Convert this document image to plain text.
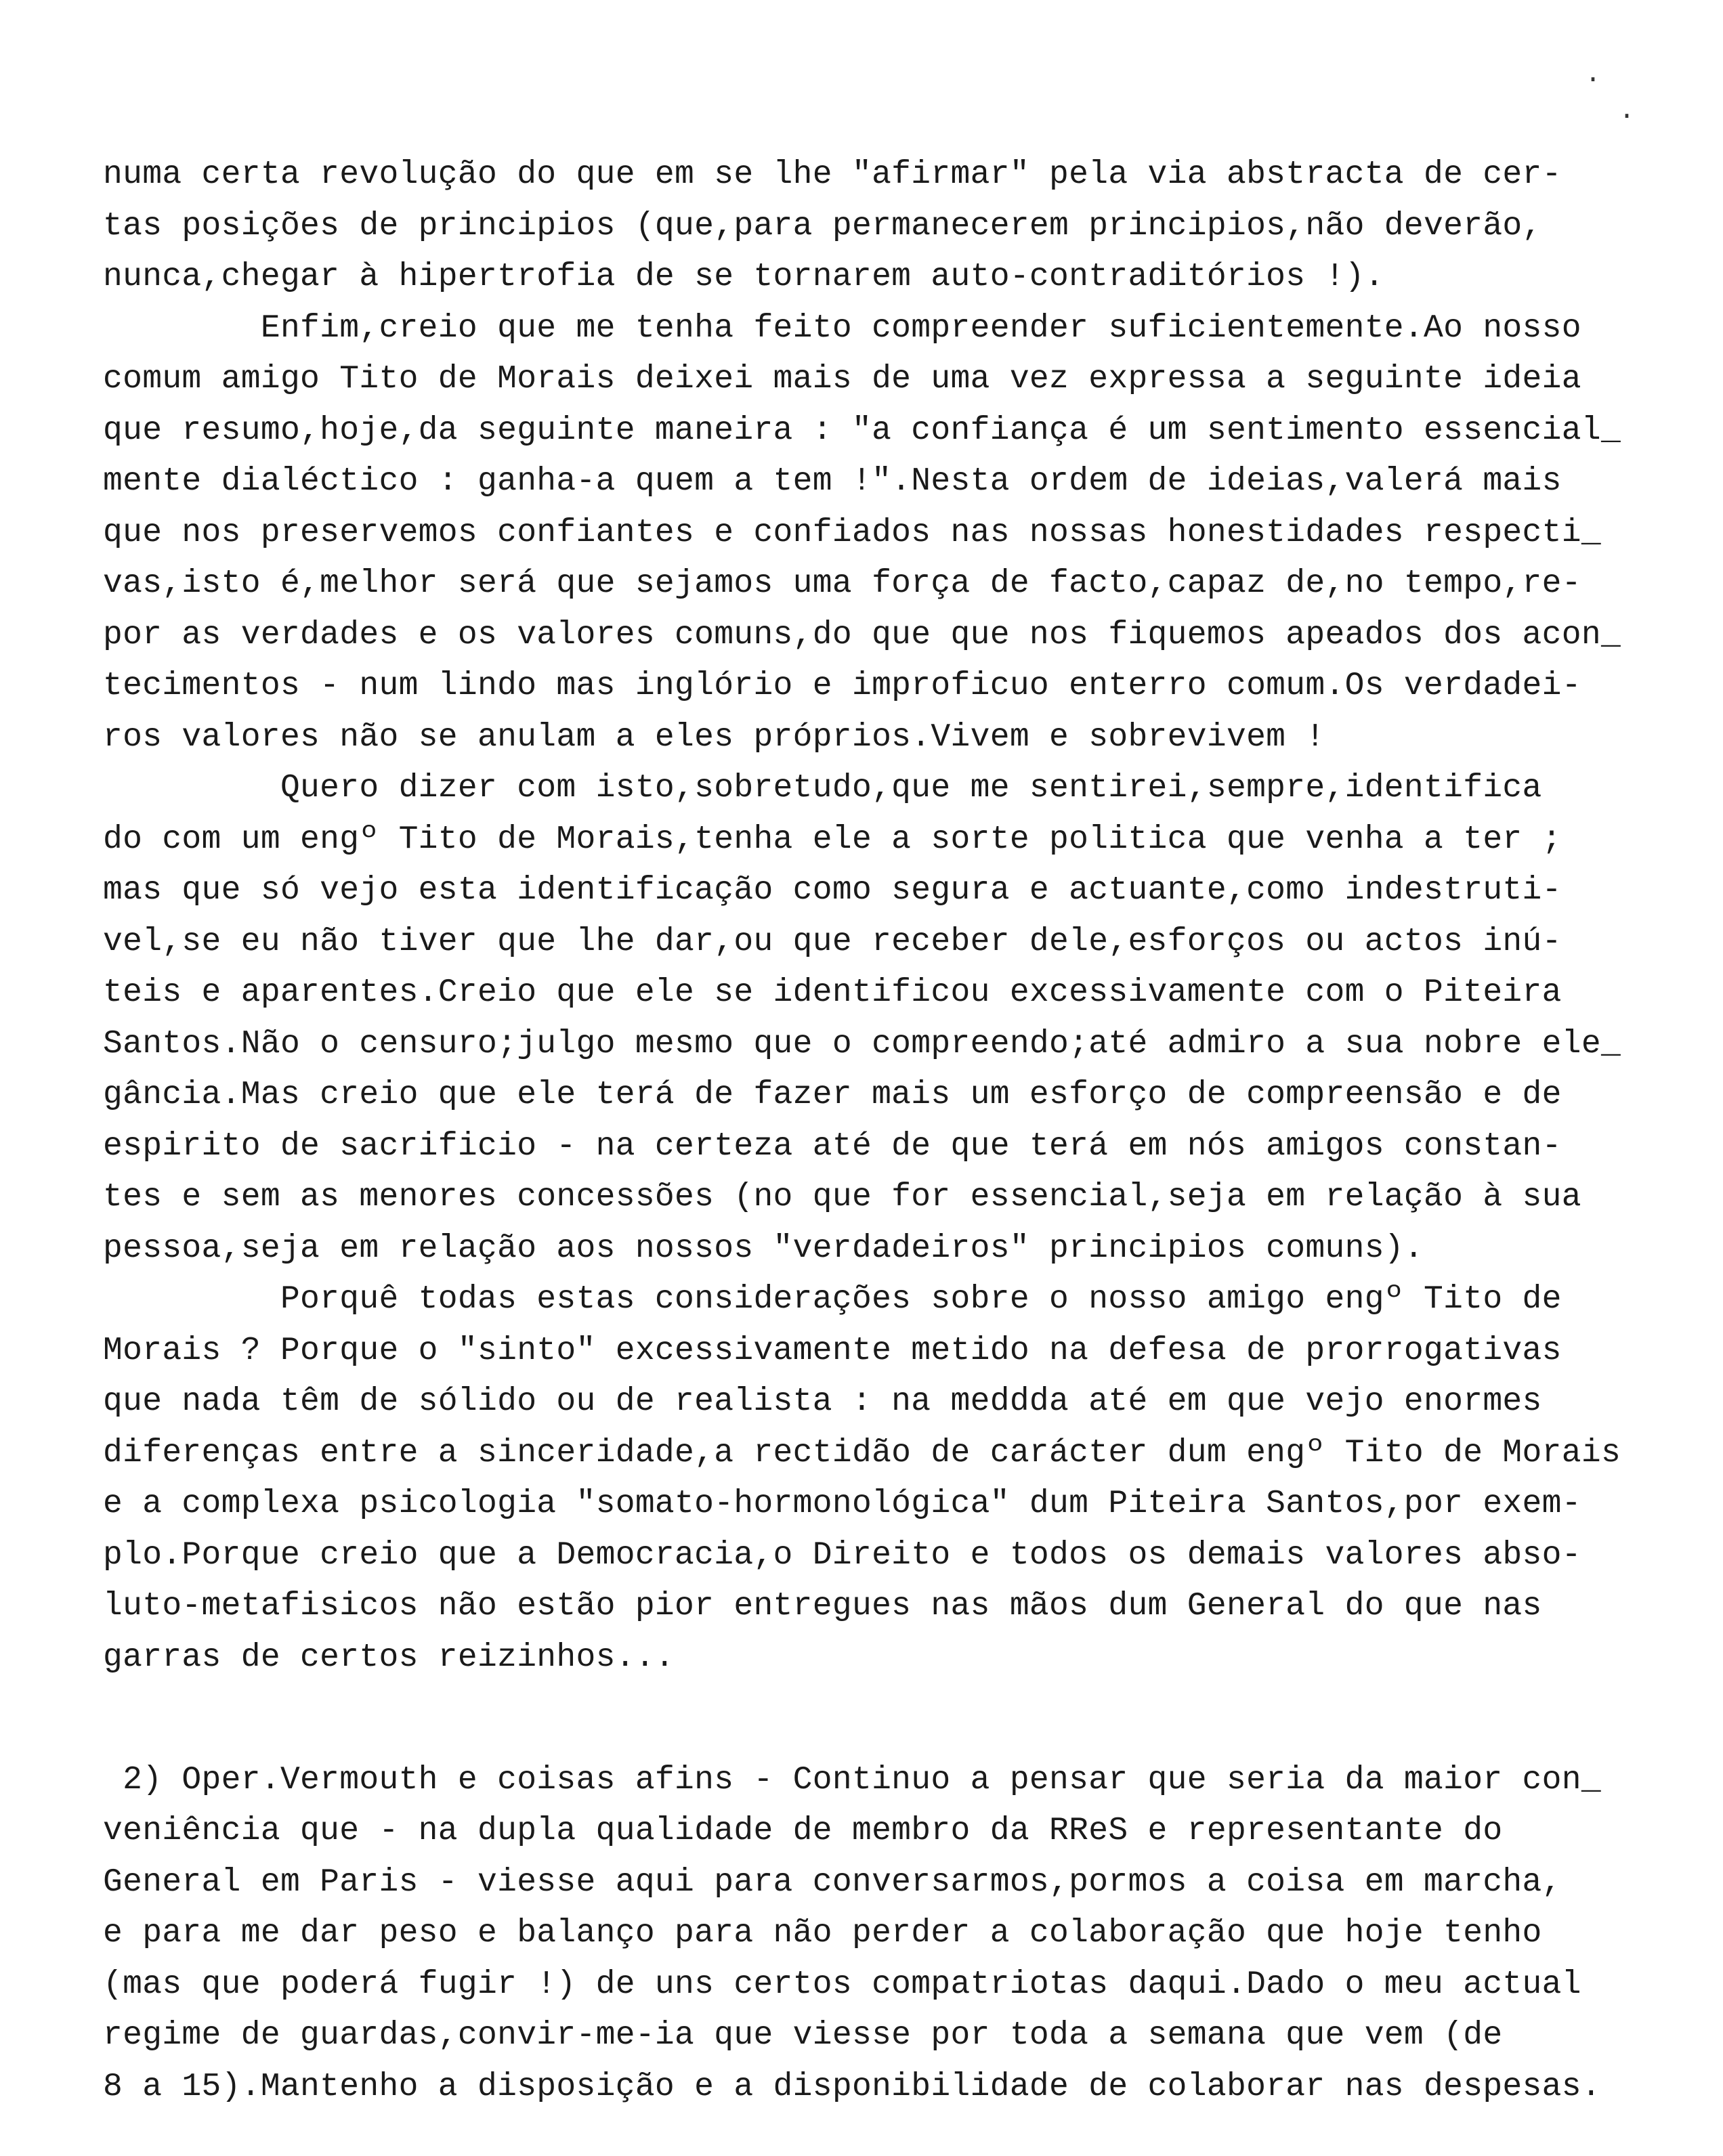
·
·
numa certa revolução do que em se lhe "afirmar" pela via abstracta de cer-
tas posições de principios (que,para permanecerem principios,não deverão,
nunca,chegar à hipertrofia de se tornarem auto-contraditórios !).
Enfim,creio que me tenha feito compreender suficientemente.Ao nosso
comum amigo Tito de Morais deixei mais de uma vez expressa a seguinte ideia
que resumo,hoje,da seguinte maneira : "a confiança é um sentimento essencial_
mente dialéctico : ganha-a quem a tem !".Nesta ordem de ideias,valerá mais
que nos preservemos confiantes e confiados nas nossas honestidades respecti_
vas,isto é,melhor será que sejamos uma força de facto,capaz de,no tempo,re-
por as verdades e os valores comuns,do que que nos fiquemos apeados dos acon_
tecimentos - num lindo mas inglório e improficuo enterro comum.Os verdadei-
ros valores não se anulam a eles próprios.Vivem e sobrevivem !
Quero dizer com isto,sobretudo,que me sentirei,sempre,identifica
do com um engº Tito de Morais,tenha ele a sorte politica que venha a ter ;
mas que só vejo esta identificação como segura e actuante,como indestruti-
vel,se eu não tiver que lhe dar,ou que receber dele,esforços ou actos inú-
teis e aparentes.Creio que ele se identificou excessivamente com o Piteira
Santos.Não o censuro;julgo mesmo que o compreendo;até admiro a sua nobre ele_
gância.Mas creio que ele terá de fazer mais um esforço de compreensão e de
espirito de sacrificio - na certeza até de que terá em nós amigos constan-
tes e sem as menores concessões (no que for essencial,seja em relação à sua
pessoa,seja em relação aos nossos "verdadeiros" principios comuns).
Porquê todas estas considerações sobre o nosso amigo engº Tito de
Morais ? Porque o "sinto" excessivamente metido na defesa de prorrogativas
que nada têm de sólido ou de realista : na meddda até em que vejo enormes
diferenças entre a sinceridade,a rectidão de carácter dum engº Tito de Morais
e a complexa psicologia "somato-hormonológica" dum Piteira Santos,por exem-
plo.Porque creio que a Democracia,o Direito e todos os demais valores abso-
luto-metafisicos não estão pior entregues nas mãos dum General do que nas
garras de certos reizinhos...
2) Oper.Vermouth e coisas afins - Continuo a pensar que seria da maior con_
veniência que - na dupla qualidade de membro da RReS e representante do
General em Paris - viesse aqui para conversarmos,pormos a coisa em marcha,
e para me dar peso e balanço para não perder a colaboração que hoje tenho
(mas que poderá fugir !) de uns certos compatriotas daqui.Dado o meu actual
regime de guardas,convir-me-ia que viesse por toda a semana que vem (de
8 a 15).Mantenho a disposição e a disponibilidade de colaborar nas despesas.
